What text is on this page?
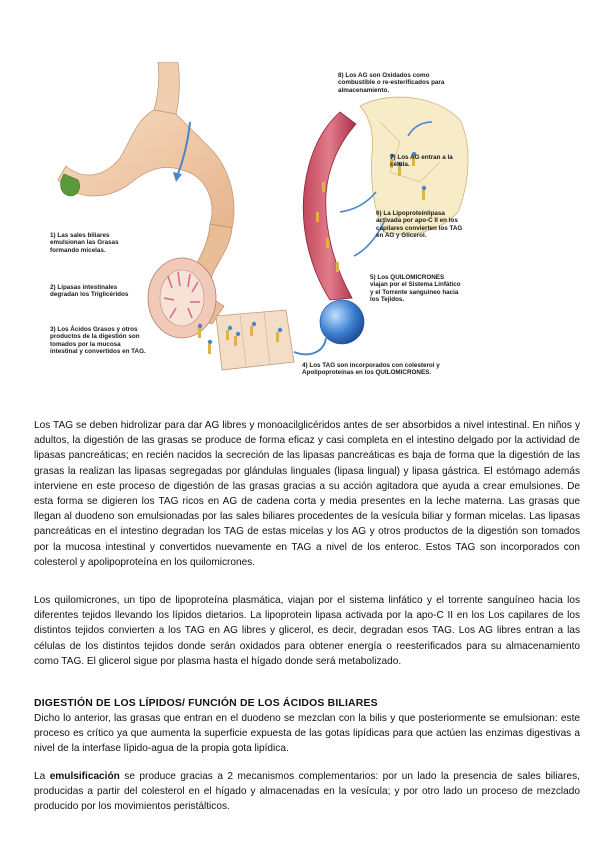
1) Las sales biliares emulsionan las Grasas formando micelas.
2) Lipasas intestinales degradan los Triglicéridos
3) Los Ácidos Grasos y otros productos de la digestión son tomados por la mucosa intestinal y convertidos en TAG.
4) Los TAG son incorporados con colesterol y Apolipoproteínas en los QUILOMICRONES.
5) Los QUILOMICRONES viajan por el Sistema Linfático y el Torrente sanguíneo hacia los Tejidos.
6) La Lipoproteínlipasa activada por apo-C II en los capilares convierten los TAG en AG y Glicerol.
7) Los AG entran a la célula.
8) Los AG son Oxidados como combustible o re-esterificados para almacenamiento.

Los TAG se deben hidrolizar para dar AG libres y monoacilglicéridos antes de ser absorbidos a nivel intestinal. En niños y adultos, la digestión de las grasas se produce de forma eficaz y casi completa en el intestino delgado por la actividad de lipasas pancreáticas; en recién nacidos la secreción de las lipasas pancreáticas es baja de forma que la digestión de las grasas la realizan las lipasas segregadas por glándulas linguales (lipasa lingual) y lipasa gástrica. El estómago además interviene en este proceso de digestión de las grasas gracias a su acción agitadora que ayuda a crear emulsiones. De esta forma se digieren los TAG ricos en AG de cadena corta y media presentes en la leche materna. Las grasas que llegan al duodeno son emulsionadas por las sales biliares procedentes de la vesícula biliar y forman micelas. Las lipasas pancreáticas en el intestino degradan los TAG de estas micelas y los AG y otros productos de la digestión son tomados por la mucosa intestinal y convertidos nuevamente en TAG a nivel de los enteroc. Estos TAG son incorporados con colesterol y apolipoproteína en los quilomicrones.

Los quilomicrones, un tipo de lipoproteína plasmática, viajan por el sistema linfático y el torrente sanguíneo hacia los diferentes tejidos llevando los lípidos dietarios. La lipoprotein lipasa activada por la apo-C II en los Los capilares de los distintos tejidos convierten a los TAG en AG libres y glicerol, es decir, degradan esos TAG. Los AG libres entran a las células de los distintos tejidos donde serán oxidados para obtener energía o reesterificados para su almacenamiento como TAG. El glicerol sigue por plasma hasta el hígado donde será metabolizado.

DIGESTIÓN DE LOS LÍPIDOS/ FUNCIÓN DE LOS ÁCIDOS BILIARES

Dicho lo anterior, las grasas que entran en el duodeno se mezclan con la bilis y que posteriormente se emulsionan: este proceso es crítico ya que aumenta la superficie expuesta de las gotas lipídicas para que actúen las enzimas digestivas a nivel de la interfase lípido-agua de la propia gota lipídica.

La emulsificación se produce gracias a 2 mecanismos complementarios: por un lado la presencia de sales biliares, producidas a partir del colesterol en el hígado y almacenadas en la vesícula; y por otro lado un proceso de mezclado producido por los movimientos peristálticos.
